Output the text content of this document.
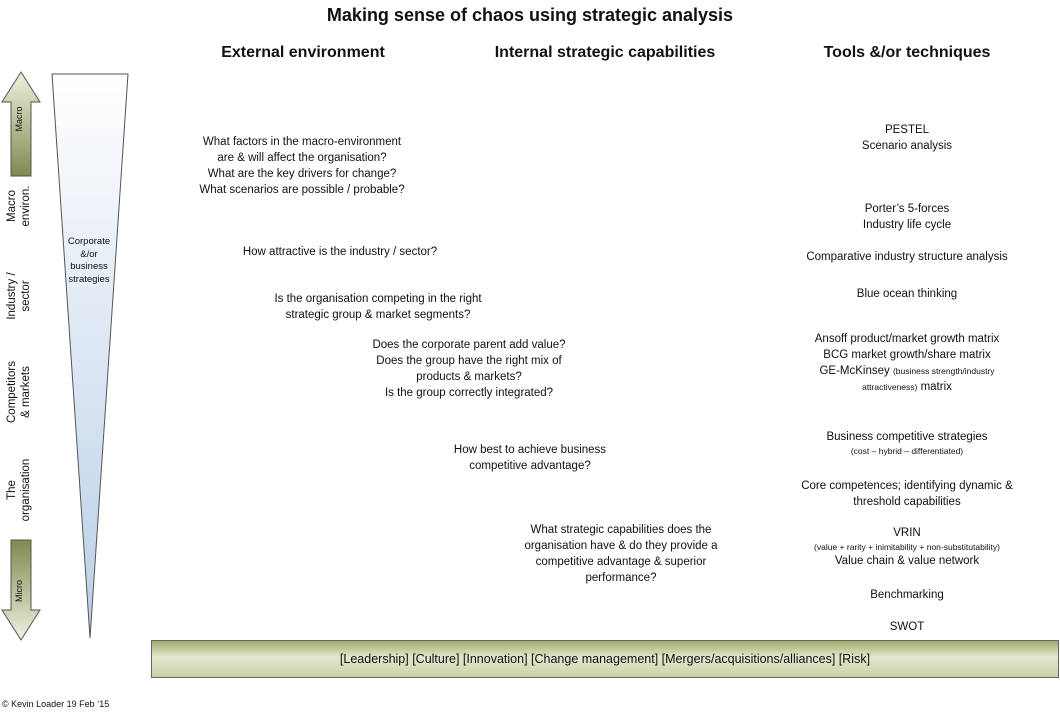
Making sense of chaos using strategic analysis
External environment	Internal strategic capabilities	Tools &/or techniques
Macro
Micro
Macro
environ.
Industry /
sector
Competitors
& markets
The
organisation
Corporate
&/or
business
strategies
What factors in the macro-environment
are & will affect the organisation?
What are the key drivers for change?
What scenarios are possible / probable?
How attractive is the industry / sector?
Is the organisation competing in the right
strategic group & market segments?
Does the corporate parent add value?
Does the group have the right mix of
products & markets?
Is the group correctly integrated?
How best to achieve business
competitive advantage?
What strategic capabilities does the
organisation have & do they provide a
competitive advantage & superior
performance?
PESTEL
Scenario analysis
Porter’s 5-forces
Industry life cycle
Comparative industry structure analysis
Blue ocean thinking
Ansoff product/market growth matrix
BCG market growth/share matrix
GE-McKinsey (business strength/industry
attractiveness) matrix
Business competitive strategies
(cost – hybrid – differentiated)
Core competences; identifying dynamic &
threshold capabilities
VRIN
(value + rarity + inimitability + non-substitutability)
Value chain & value network
Benchmarking
SWOT
[Leadership] [Culture] [Innovation] [Change management] [Mergers/acquisitions/alliances] [Risk]
© Kevin Loader 19 Feb ‘15
